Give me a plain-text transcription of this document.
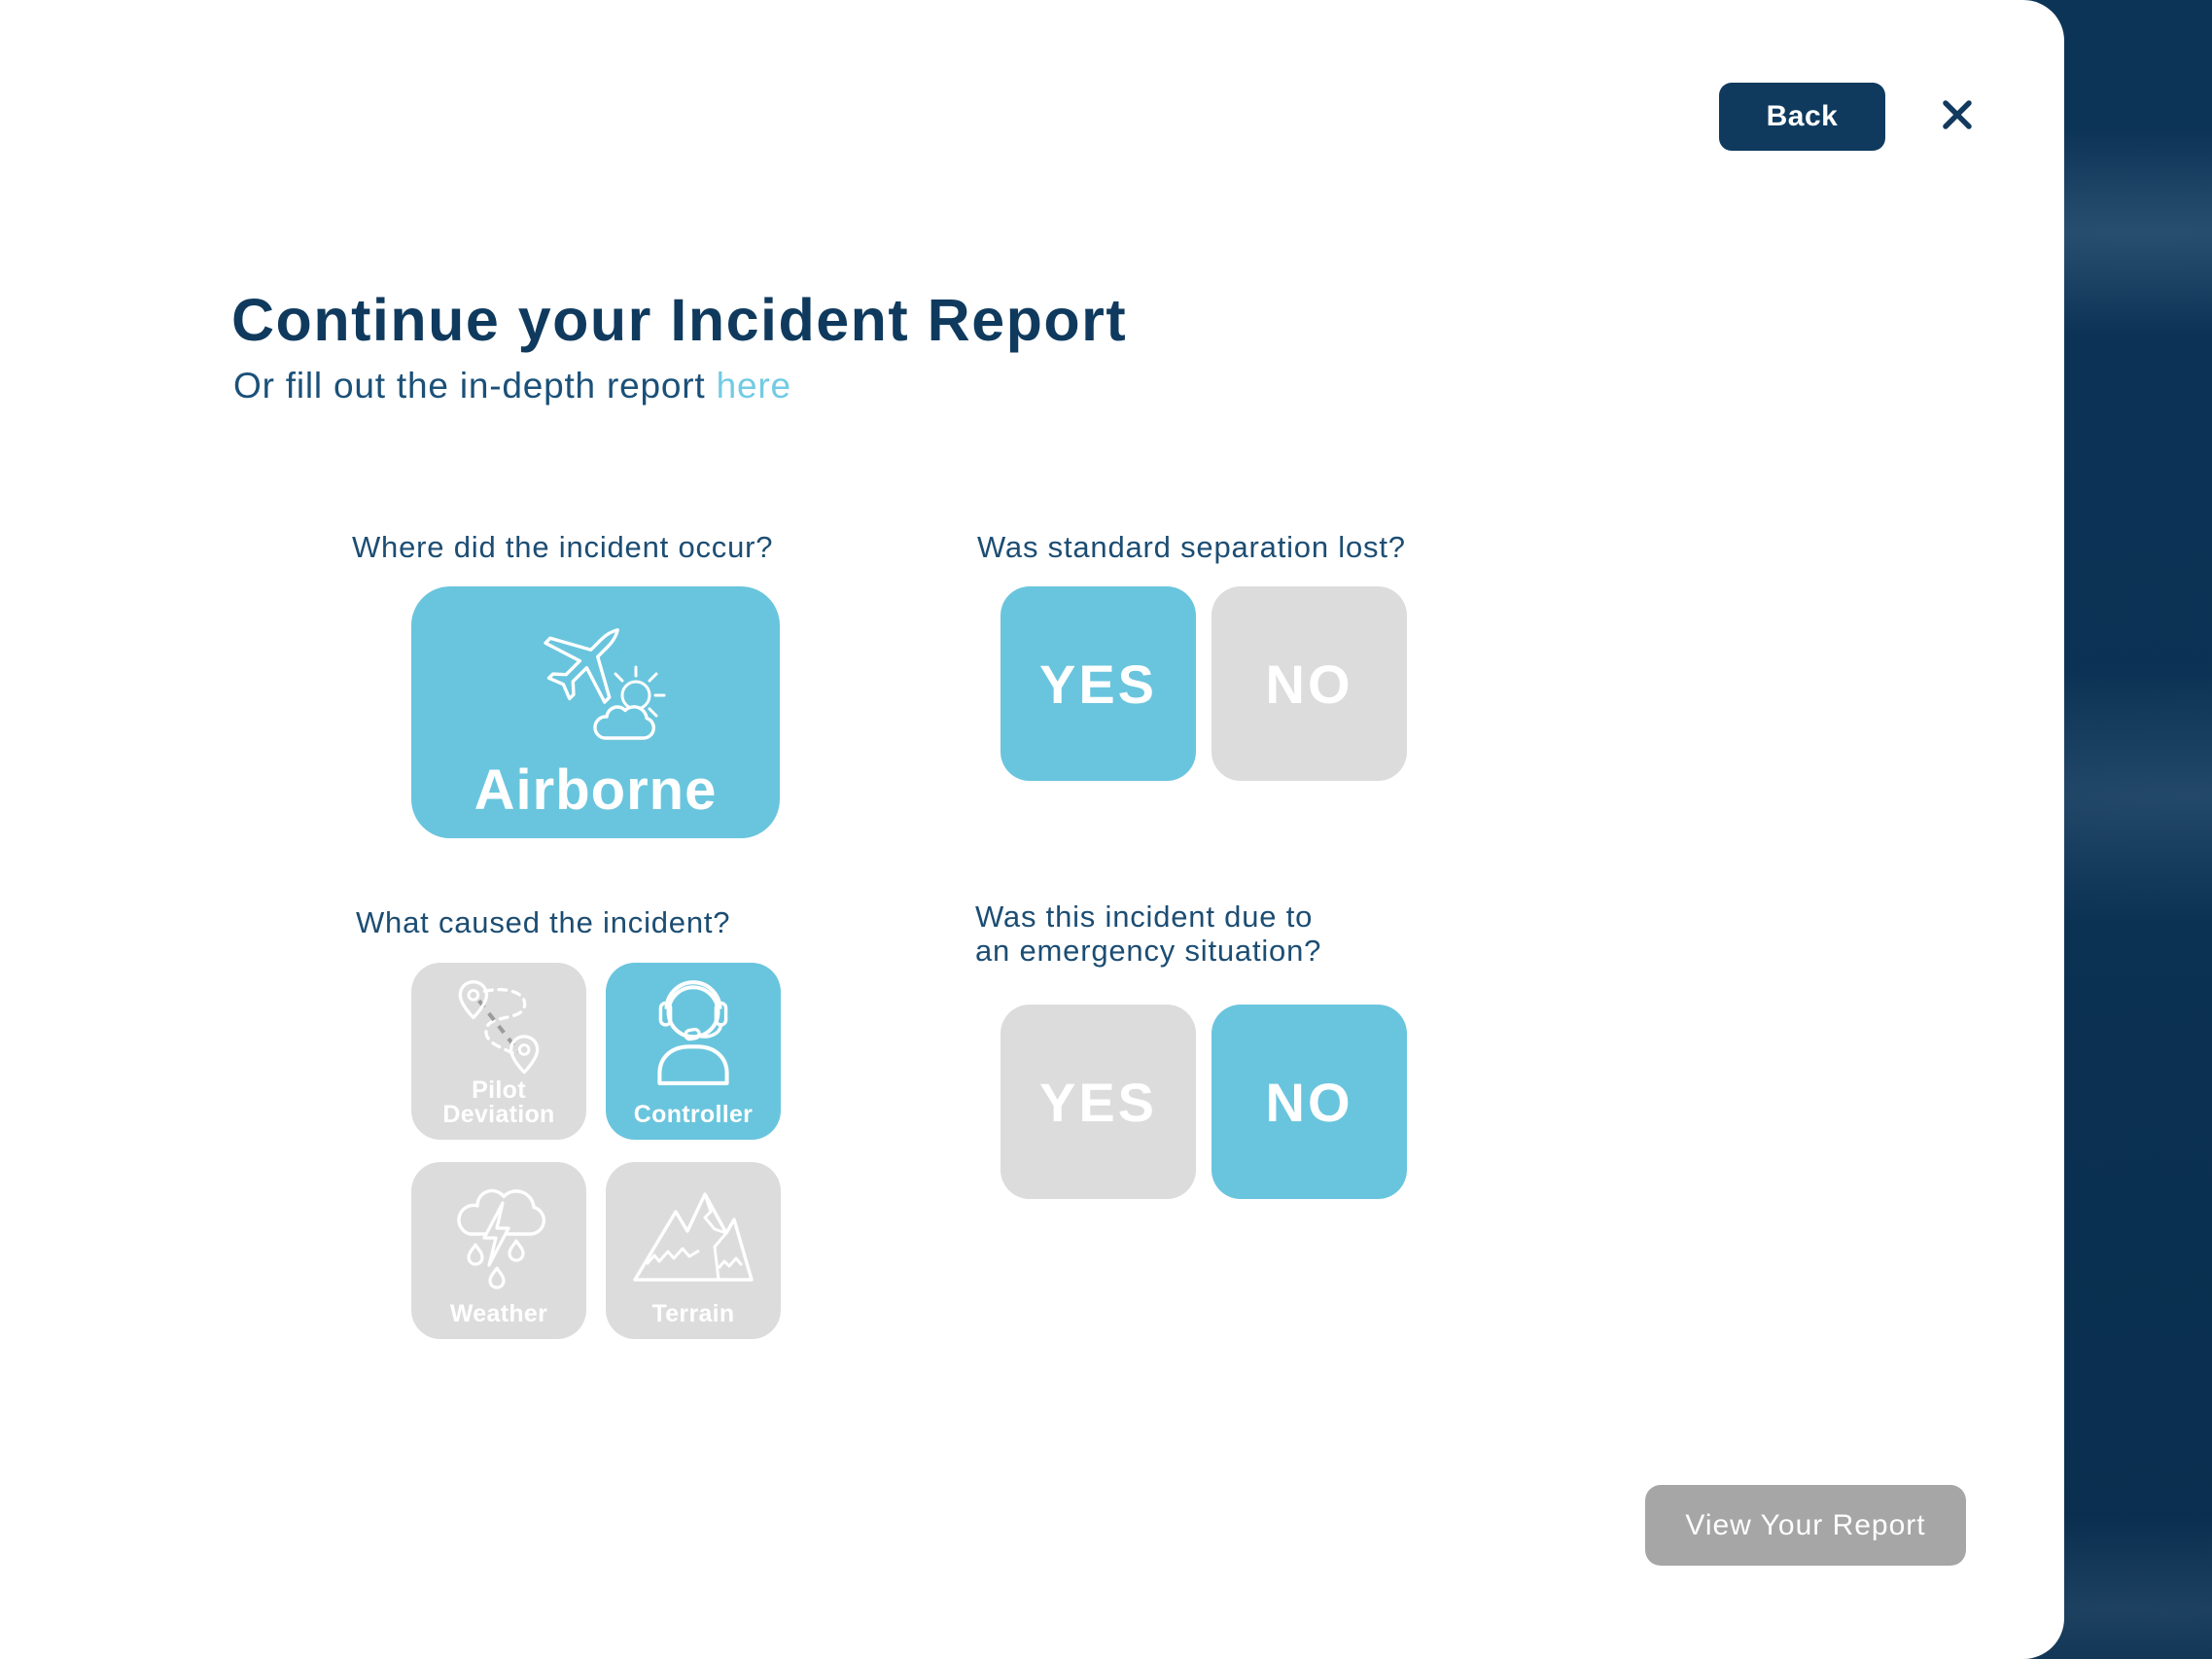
Back
Continue your Incident Report

Or fill out the in-depth report here

Where did the incident occur?
Airborne
Was standard separation lost?
YES	NO
What caused the incident?
Pilot Deviation	Controller
Weather	Terrain
Was this incident due to
an emergency situation?
YES	NO
View Your Report
